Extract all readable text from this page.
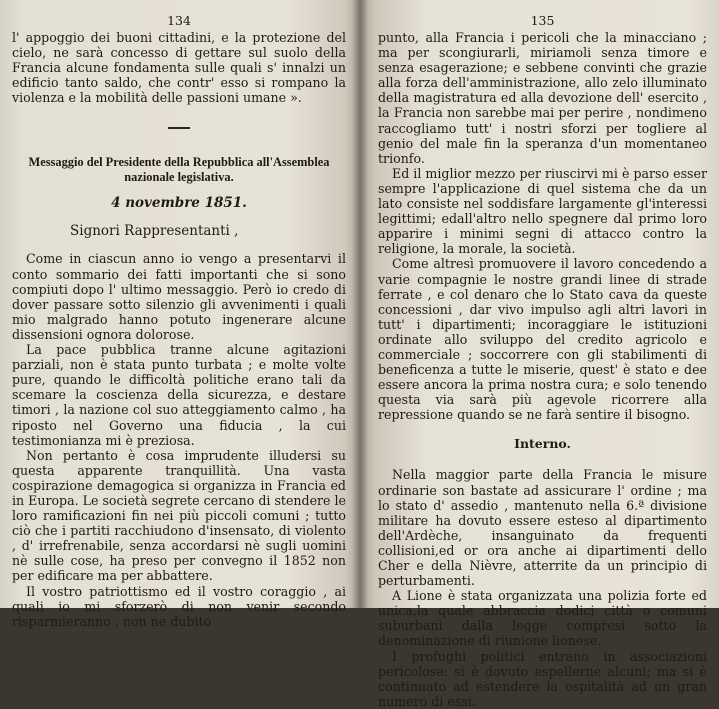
134

l' appoggio dei buoni cittadini, e la protezione del cielo, ne sarà concesso di gettare sul suolo della Francia alcune fondamenta sulle quali s' innalzi un edificio tanto saldo, che contr' esso si rompano la violenza e la mobilità delle passioni umane ».

Messaggio del Presidente della Repubblica all'Assemblea nazionale legislativa.
4 novembre 1851.
Signori Rappresentanti ,

Come in ciascun anno io vengo a presentarvi il conto sommario dei fatti importanti che si sono compiuti dopo l' ultimo messaggio. Però io credo di dover passare sotto silenzio gli avvenimenti i quali mio malgrado hanno potuto ingenerare alcune dissensioni ognora dolorose.

La pace pubblica tranne alcune agitazioni parziali, non è stata punto turbata ; e molte volte pure, quando le difficoltà politiche erano tali da scemare la coscienza della sicurezza, e destare timori , la nazione col suo atteggiamento calmo , ha riposto nel Governo una fiducia , la cui testimonianza mi è preziosa.

Non pertanto è cosa imprudente illudersi su questa apparente tranquillità. Una vasta cospirazione demagogica si organizza in Francia ed in Europa. Le società segrete cercano di stendere le loro ramificazioni fin nei più piccoli comuni ; tutto ciò che i partiti racchiudono d'insensato, di violento , d' irrefrenabile, senza accordarsi nè sugli uomini nè sulle cose, ha preso per convegno il 1852 non per edificare ma per abbattere.

Il vostro patriottismo ed il vostro coraggio , ai quali io mi sforzerò di non venir secondo risparmieranno , non ne dubito

135

punto, alla Francia i pericoli che la minacciano ; ma per scongiurarli, miriamoli senza timore e senza esagerazione; e sebbene convinti che grazie alla forza dell'amministrazione, allo zelo illuminato della magistratura ed alla devozione dell' esercito , la Francia non sarebbe mai per perire , nondimeno raccogliamo tutt' i nostri sforzi per togliere al genio del male fin la speranza d'un momentaneo trionfo.

Ed il miglior mezzo per riuscirvi mi è parso esser sempre l'applicazione di quel sistema che da un lato consiste nel soddisfare largamente gl'interessi legittimi; edall'altro nello spegnere dal primo loro apparire i minimi segni di attacco contro la religione, la morale, la società.

Come altresì promuovere il lavoro concedendo a varie compagnie le nostre grandi linee di strade ferrate , e col denaro che lo Stato cava da queste concessioni , dar vivo impulso agli altri lavori in tutt' i dipartimenti; incoraggiare le istituzioni ordinate allo sviluppo del credito agricolo e commerciale ; soccorrere con gli stabilimenti di beneficenza a tutte le miserie, quest' è stato e dee essere ancora la prima nostra cura; e solo tenendo questa via sarà più agevole ricorrere alla repressione quando se ne farà sentire il bisogno.

Interno.

Nella maggior parte della Francia le misure ordinarie son bastate ad assicurare l' ordine ; ma lo stato d' assedio , mantenuto nella 6.ª divisione militare ha dovuto essere esteso al dipartimento dell'Ardèche, insanguinato da frequenti collisioni,ed or ora anche ai dipartimenti dello Cher e della Nièvre, atterrite da un principio di perturbamenti.

A Lione è stata organizzata una polizia forte ed unica,la quale abbraccia dodici città o comuni suburbani dalla legge compresi sotto la denominazione di riunione lionese.

I profughi politici entrano in associazioni pericolose: si è dovuto espellerne alcuni; ma si è continuato ad estendere la ospitalità ad un gran numero di essi.
